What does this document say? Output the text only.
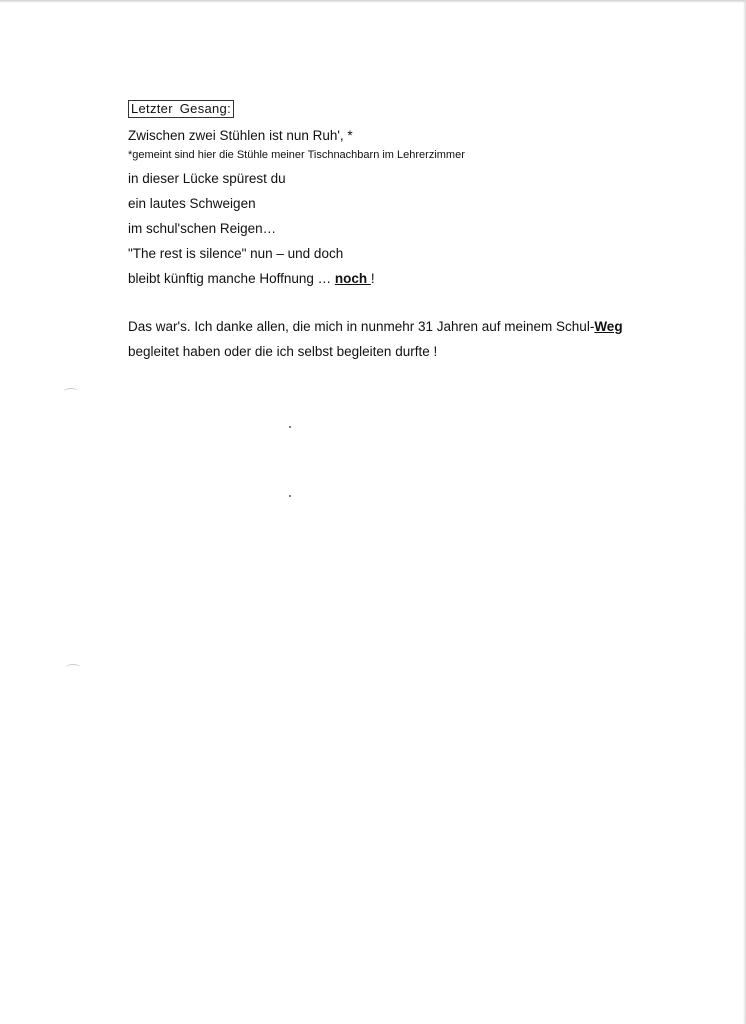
Letzter Gesang:
Zwischen zwei Stühlen ist nun Ruh', *
*gemeint sind hier die Stühle meiner Tischnachbarn im Lehrerzimmer
in dieser Lücke spürest du
ein lautes Schweigen
im schul'schen Reigen…
"The rest is silence" nun – und doch
bleibt künftig manche Hoffnung … noch !
Das war's. Ich danke allen, die mich in nunmehr 31 Jahren auf meinem Schul-Weg
begleitet haben oder die ich selbst begleiten durfte !
